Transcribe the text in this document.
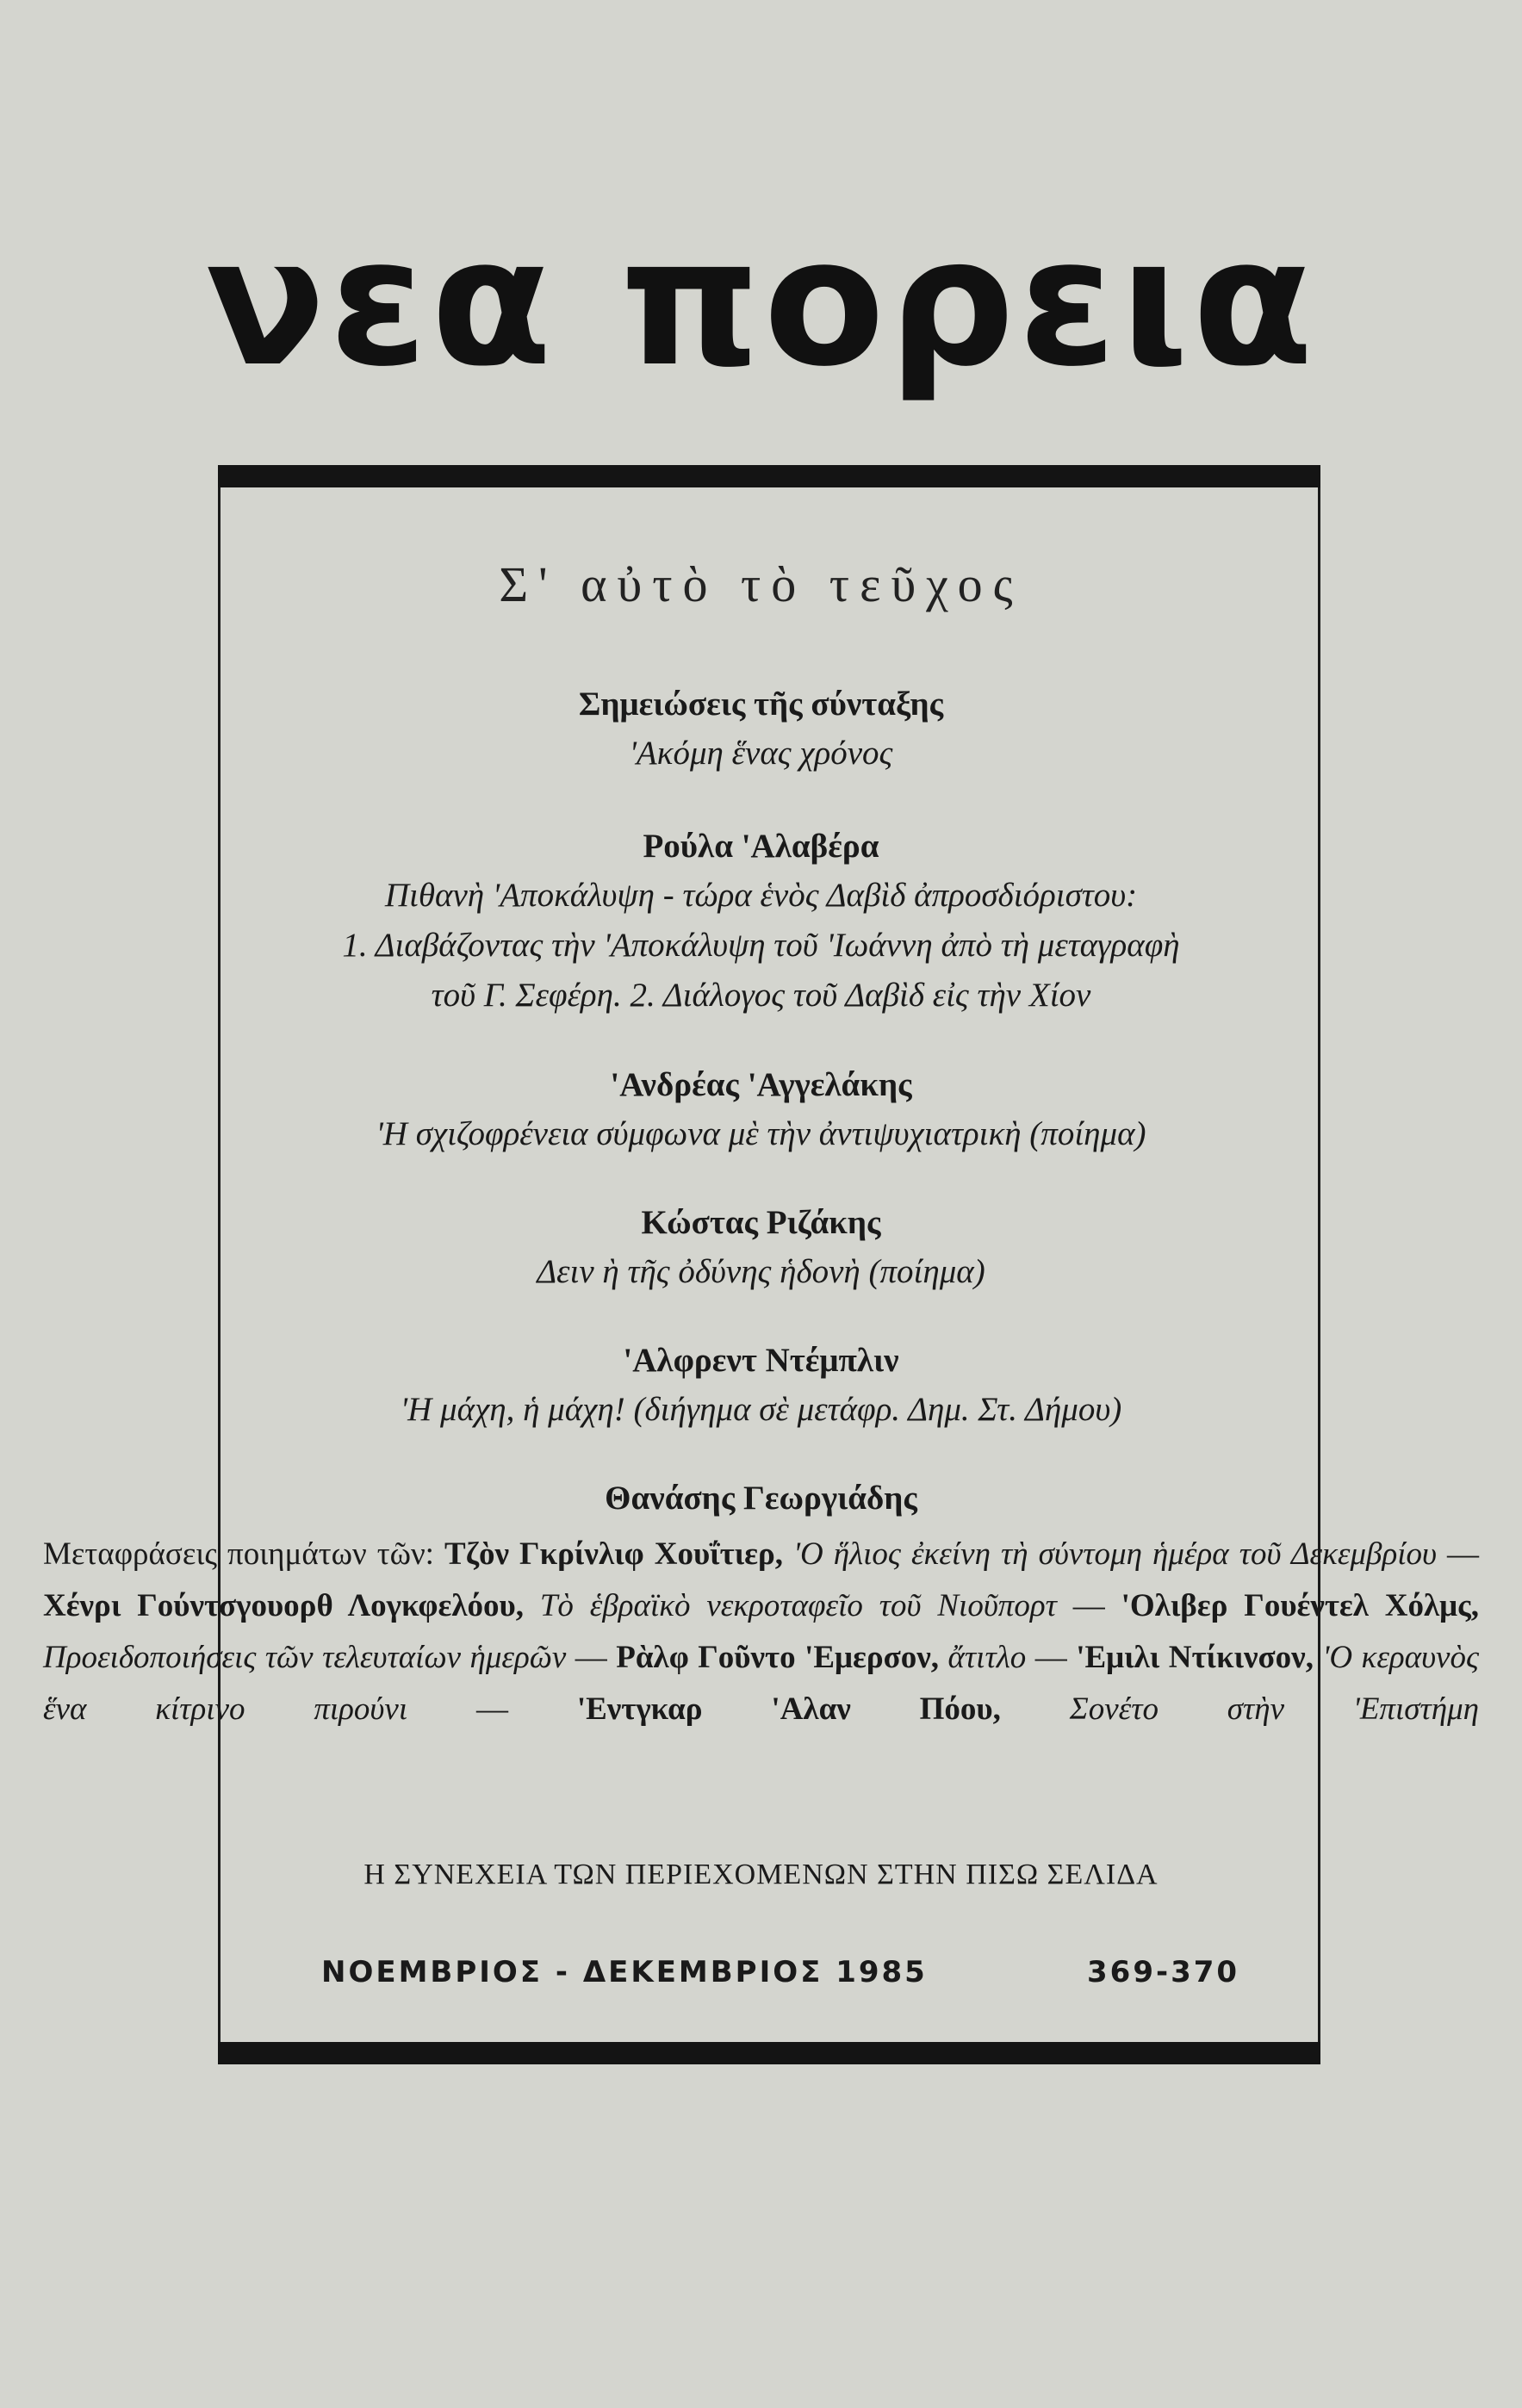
νεα πορεια
Σ' αὐτὸ τὸ τεῦχος
Σημειώσεις τῆς σύνταξης
'Ακόμη ἕνας χρόνος
Ρούλα 'Αλαβέρα
Πιθανὴ 'Αποκάλυψη - τώρα ἑνὸς Δαβὶδ ἀπροσδιόριστου:
1. Διαβάζοντας τὴν 'Αποκάλυψη τοῦ 'Ιωάννη ἀπὸ τὴ μεταγραφὴ
τοῦ Γ. Σεφέρη. 2. Διάλογος τοῦ Δαβὶδ εἰς τὴν Χίον
'Ανδρέας 'Αγγελάκης
'Η σχιζοφρένεια σύμφωνα μὲ τὴν ἀντιψυχιατρικὴ (ποίημα)
Κώστας Ριζάκης
Δειν ὴ τῆς ὀδύνης ἡδονὴ (ποίημα)
'Αλφρεντ Ντέμπλιν
'Η μάχη, ἡ μάχη! (διήγημα σὲ μετάφρ. Δημ. Στ. Δήμου)
Θανάσης Γεωργιάδης
Μεταφράσεις ποιημάτων τῶν: Τζὸν Γκρίνλιφ Χουΐτιερ, 'Ο ἥλιος ἐκείνη τὴ σύντομη ἡμέρα τοῦ Δεκεμβρίου — Χένρι Γούντσγουορθ Λογκφελόου, Τὸ ἑβραϊκὸ νεκροταφεῖο τοῦ Νιοῦπορτ — 'Ολιβερ Γουέντελ Χόλμς, Προειδοποιήσεις τῶν τελευταίων ἡμερῶν — Ρὰλφ Γοῦντο 'Εμερσον, ἄτιτλο — 'Εμιλι Ντίκινσον, 'Ο κεραυνὸς ἕνα κίτρινο πιρούνι — 'Εντγκαρ 'Αλαν Πόου, Σονέτο στὴν 'Επιστήμη
Η ΣΥΝΕΧΕΙΑ ΤΩΝ ΠΕΡΙΕΧΟΜΕΝΩΝ ΣΤΗΝ ΠΙΣΩ ΣΕΛΙΔΑ
ΝΟΕΜΒΡΙΟΣ - ΔΕΚΕΜΒΡΙΟΣ 1985	369-370
